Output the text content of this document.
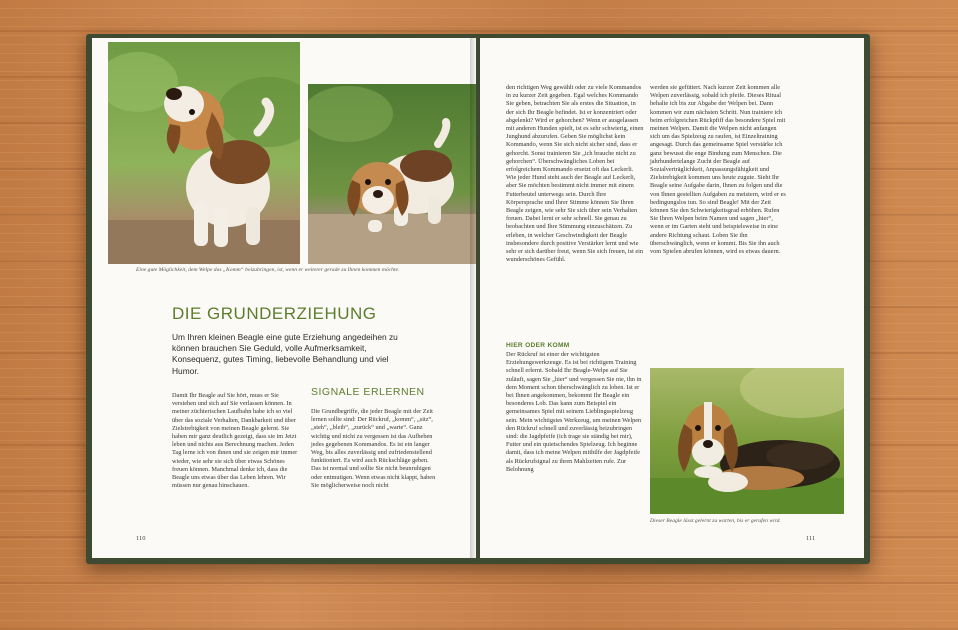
Eine gute Möglichkeit, dem Welpe das „Komm“ beizubringen, ist, wenn er weiterer gerade zu Ihnen kommen möchte.
DIE GRUNDERZIEHUNG
Um Ihren kleinen Beagle eine gute Erziehung angedeihen zu können brauchen Sie Geduld, volle Aufmerksamkeit, Konsequenz, gutes Timing, liebevolle Behandlung und viel Humor.

Damit Ihr Beagle auf Sie hört, muss er Sie verstehen und sich auf Sie verlassen können. In meiner züchterischen Laufbahn habe ich so viel über das soziale Verhalten, Dankbarkeit und über Zielstrebigkeit von meinen Beagle gelernt. Sie haben mir ganz deutlich gezeigt, dass sie im Jetzt leben und nichts aus Berechnung machen. Jeden Tag lerne ich von ihnen und sie zeigen mir immer wieder, wie sehr sie sich über etwas Schönes freuen können. Manchmal denke ich, dass die Beagle uns etwas über das Leben lehren. Wir müssen nur genau hinschauen.

SIGNALE ERLERNEN

Die Grundbegriffe, die jeder Beagle mit der Zeit lernen sollte sind: Der Rückruf, „komm“, „sitz“, „steh“, „bleib“, „zurück“ und „warte“. Ganz wichtig und nicht zu vergessen ist das Aufheben jedes gegebenen Kommandos. Es ist ein langer Weg, bis alles zuverlässig und zufriedenstellend funktioniert. Es wird auch Rückschläge geben. Das ist normal und sollte Sie nicht beunruhigen oder entmutigen. Wenn etwas nicht klappt, haben Sie möglicherweise noch nicht

110

den richtigen Weg gewählt oder zu viele Kommandos in zu kurzer Zeit gegeben. Egal welches Kommando Sie geben, betrachten Sie als erstes die Situation, in der sich Ihr Beagle befindet. Ist er konzentriert oder abgelenkt? Wird er gehorchen? Wenn er ausgelassen mit anderen Hunden spielt, ist es sehr schwierig, einen Junghund abzurufen. Geben Sie möglichst kein Kommando, wenn Sie sich nicht sicher sind, dass er gehorcht. Sonst trainieren Sie „ich brauche nicht zu gehorchen“. Überschwängliches Loben bei erfolgreichem Kommando ersetzt oft das Leckerli. Wie jeder Hund steht auch der Beagle auf Leckerli, aber Sie möchten bestimmt nicht immer mit einem Futterbeutel unterwegs sein. Durch Ihre Körpersprache und Ihrer Stimme können Sie Ihren Beagle zeigen, wie sehr Sie sich über sein Verhalten freuen. Dabei lernt er sehr schnell. Sie genau zu beobachten und Ihre Stimmung einzuschätzen. Zu erleben, in welcher Geschwindigkeit der Beagle insbesondere durch positive Verstärker lernt und wie sehr er sich darüber freut, wenn Sie sich freuen, ist ein wunderschönes Gefühl.

HIER ODER KOMM

Der Rückruf ist einer der wichtigsten Erziehungswerkzeuge. Es ist bei richtigem Training schnell erlernt. Sobald Ihr Beagle-Welpe auf Sie zuläuft, sagen Sie „hier“ und vergessen Sie nie, ihn in dem Moment schon überschwänglich zu loben. Ist er bei Ihnen angekommen, bekommt Ihr Beagle ein besonderes Lob. Das kann zum Beispiel ein gemeinsames Spiel mit seinem Lieblingsspielzeug sein. Mein wichtigstes Werkzeug, um meinen Welpen den Rückruf schnell und zuverlässig beizubringen sind: die Jagdpfeife (ich trage sie ständig bei mir), Futter und ein quietschendes Spielzeug. Ich beginne damit, dass ich meine Welpen mithilfe der Jagdpfeife als Rückrufsignal zu ihren Mahlzeiten rufe. Zur Belohnung

werden sie gefüttert. Nach kurzer Zeit kommen alle Welpen zuverlässig, sobald ich pfeife. Dieses Ritual behalte ich bis zur Abgabe der Welpen bei. Dann kommen wir zum nächsten Schritt. Nun trainiere ich beim erfolgreichen Rückpfiff das besondere Spiel mit meinen Welpen. Damit die Welpen nicht anfangen sich um das Spielzeug zu raufen, ist Einzeltraining angesagt. Durch das gemeinsame Spiel verstärke ich ganz bewusst die enge Bindung zum Menschen. Die jahrhundertelange Zucht der Beagle auf Sozialverträglichkeit, Anpassungsfähigkeit und Zielstrebigkeit kommen uns heute zugute. Sieht Ihr Beagle seine Aufgabe darin, Ihnen zu folgen und die von Ihnen gestellten Aufgaben zu meistern, wird er es bedingungslos tun. So sind Beagle! Mit der Zeit können Sie den Schwierigkeitsgrad erhöhen. Rufen Sie Ihren Welpen beim Namen und sagen „hier“, wenn er im Garten steht und beispielsweise in eine andere Richtung schaut. Loben Sie ihn überschwänglich, wenn er kommt. Bis Sie ihn auch vom Spielen abrufen können, wird es etwas dauern.

Dieser Beagle lässt gelernt zu warten, bis er gerufen wird.
111
